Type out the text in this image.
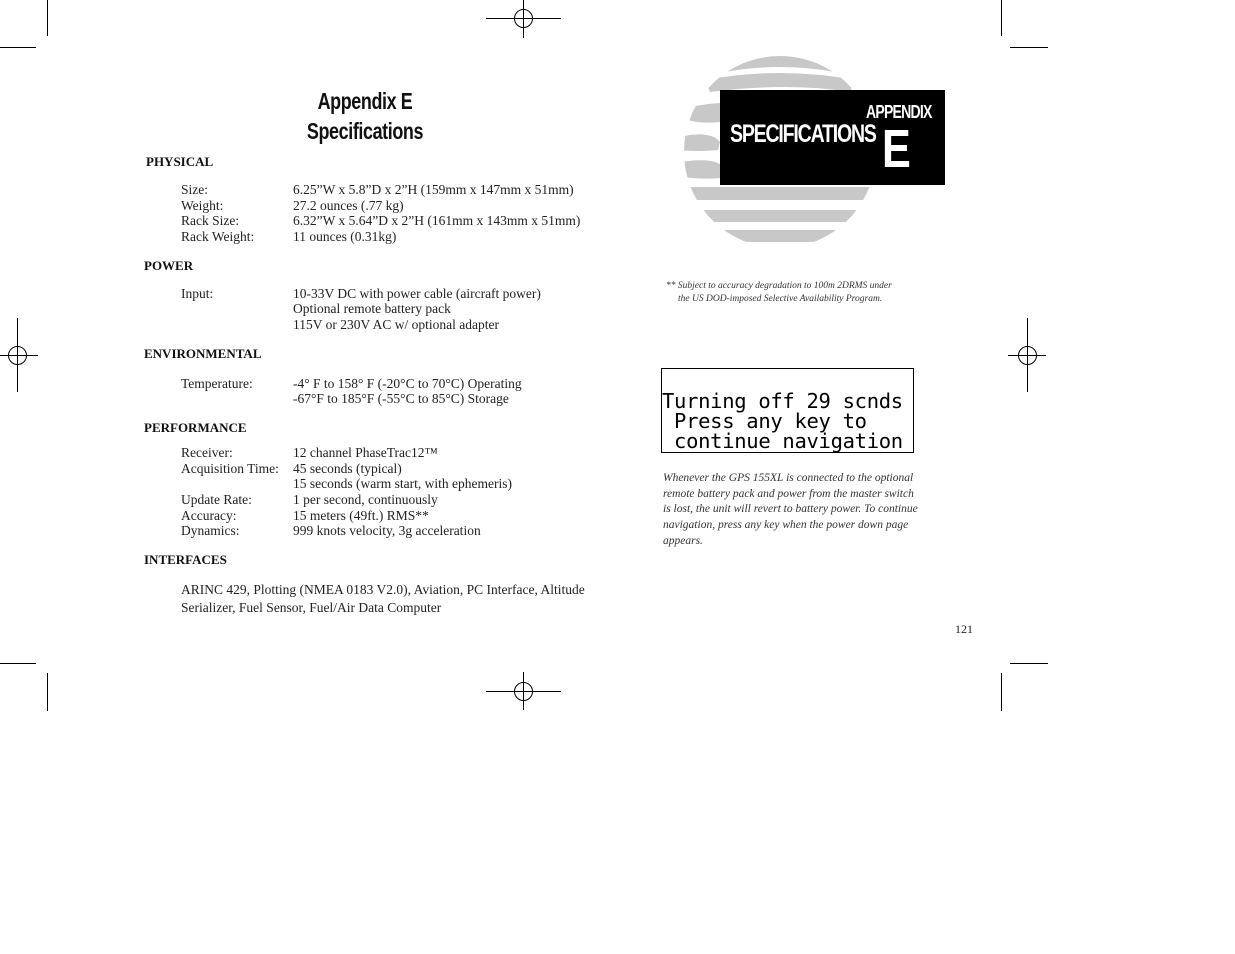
Appendix E
Specifications
PHYSICAL
Size:	6.25”W x 5.8”D x 2”H (159mm x 147mm x 51mm)
Weight:	27.2 ounces (.77 kg)
Rack Size:	6.32”W x 5.64”D x 2”H (161mm x 143mm x 51mm)
Rack Weight:	11 ounces (0.31kg)
POWER
Input:	10-33V DC with power cable (aircraft power)
Optional remote battery pack
115V or 230V AC w/ optional adapter
ENVIRONMENTAL
Temperature:	-4° F to 158° F (-20°C to 70°C) Operating
-67°F to 185°F (-55°C to 85°C) Storage
PERFORMANCE
Receiver:	12 channel PhaseTrac12™
Acquisition Time: 45 seconds (typical)
15 seconds (warm start, with ephemeris)
Update Rate:	1 per second, continuously
Accuracy:	15 meters (49ft.) RMS**
Dynamics:	999 knots velocity, 3g acceleration
INTERFACES
ARINC 429, Plotting (NMEA 0183 V2.0), Aviation, PC Interface, Altitude Serializer, Fuel Sensor, Fuel/Air Data Computer
SPECIFICATIONS
APPENDIX
E
** Subject to accuracy degradation to 100m 2DRMS under
the US DOD-imposed Selective Availability Program.
Turning off 29 scnds
Press any key to
continue navigation
Whenever the GPS 155XL is connected to the optional remote battery pack and power from the master switch is lost, the unit will revert to battery power. To continue navigation, press any key when the power down page appears.
121
